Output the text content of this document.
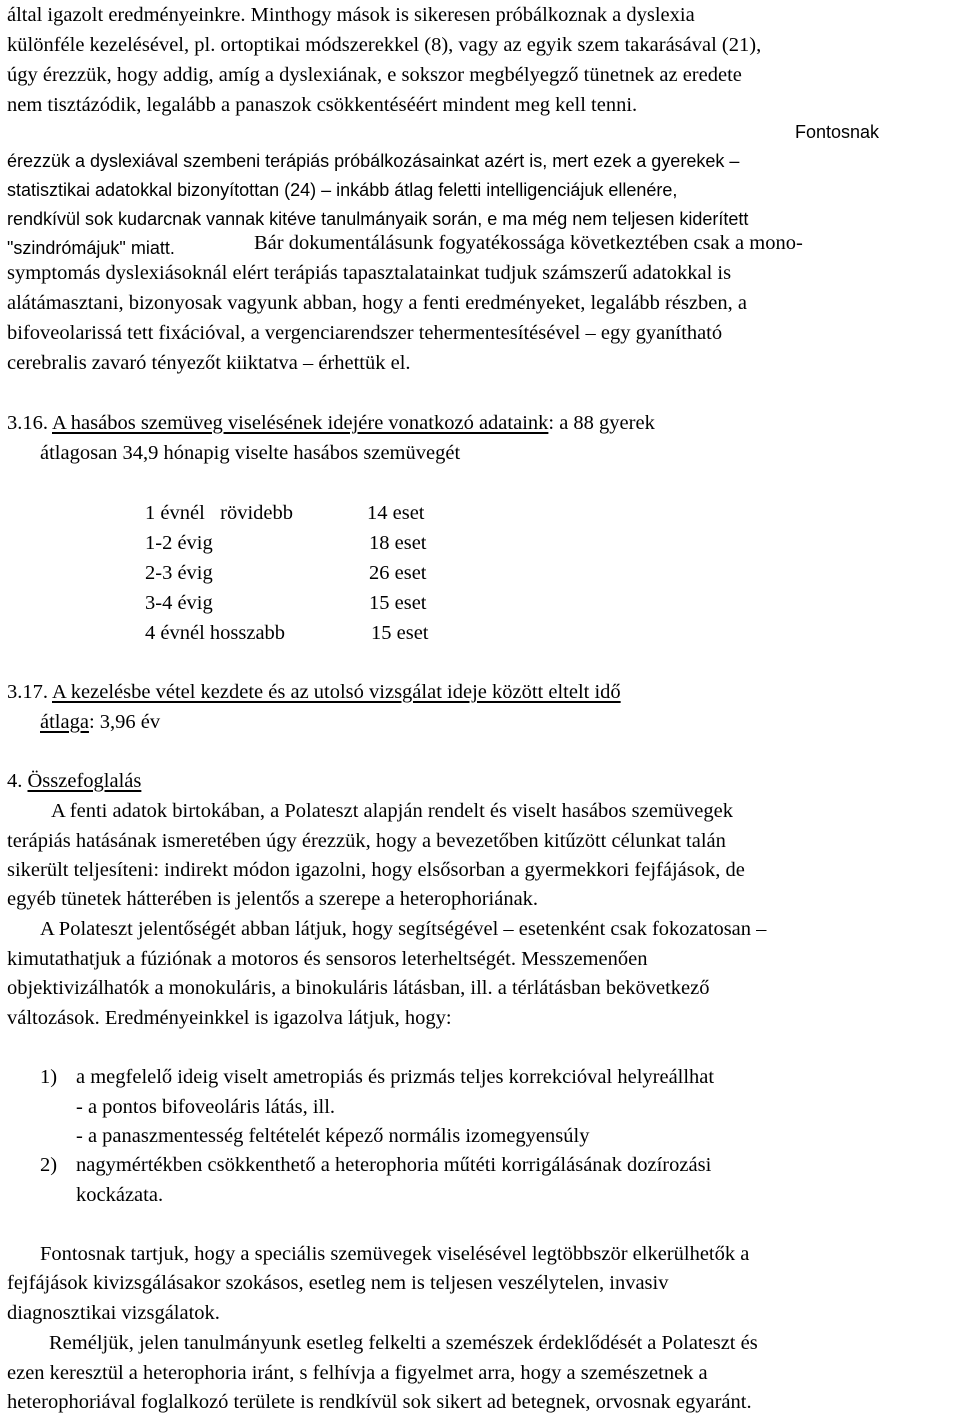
által igazolt eredményeinkre. Minthogy mások is sikeresen próbálkoznak a dyslexia
különféle kezelésével, pl. ortoptikai módszerekkel (8), vagy az egyik szem takarásával (21),
úgy érezzük, hogy addig, amíg a dyslexiának, e sokszor megbélyegző tünetnek az eredete
nem tisztázódik, legalább a panaszok csökkentéséért mindent meg kell tenni.
Fontosnak
érezzük a dyslexiával szembeni terápiás próbálkozásainkat azért is, mert ezek a gyerekek –
statisztikai adatokkal bizonyítottan (24) – inkább átlag feletti intelligenciájuk ellenére,
rendkívül sok kudarcnak vannak kitéve tanulmányaik során, e ma még nem teljesen kiderített
"szindrómájuk" miatt.	Bár dokumentálásunk fogyatékossága következtében csak a mono-
symptomás dyslexiásoknál elért terápiás tapasztalatainkat tudjuk számszerű adatokkal is
alátámasztani, bizonyosak vagyunk abban, hogy a fenti eredményeket, legalább részben, a
bifoveolarissá tett fixációval, a vergenciarendszer tehermentesítésével – egy gyanítható
cerebralis zavaró tényezőt kiiktatva – érhettük el.
3.16. A hasábos szemüveg viselésének idejére vonatkozó adataink: a 88 gyerek
átlagosan 34,9 hónapig viselte hasábos szemüvegét
1 évnél   rövidebb	14 eset
1-2 évig	18 eset
2-3 évig	26 eset
3-4 évig	15 eset
4 évnél hosszabb	15 eset
3.17. A kezelésbe vétel kezdete és az utolsó vizsgálat ideje között eltelt idő
átlaga: 3,96 év
4. Összefoglalás
A fenti adatok birtokában, a Polateszt alapján rendelt és viselt hasábos szemüvegek
terápiás hatásának ismeretében úgy érezzük, hogy a bevezetőben kitűzött célunkat talán
sikerült teljesíteni: indirekt módon igazolni, hogy elsősorban a gyermekkori fejfájások, de
egyéb tünetek hátterében is jelentős a szerepe a heterophoriának.
A Polateszt jelentőségét abban látjuk, hogy segítségével – esetenként csak fokozatosan –
kimutathatjuk a fúziónak a motoros és sensoros leterheltségét. Messzemenően
objektivizálhatók a monokuláris, a binokuláris látásban, ill. a térlátásban bekövetkező
változások. Eredményeinkkel is igazolva látjuk, hogy:
1) a megfelelő ideig viselt ametropiás és prizmás teljes korrekcióval helyreállhat
- a pontos bifoveoláris látás, ill.
- a panaszmentesség feltételét képező normális izomegyensúly
2) nagymértékben csökkenthető a heterophoria műtéti korrigálásának dozírozási
kockázata.
Fontosnak tartjuk, hogy a speciális szemüvegek viselésével legtöbbször elkerülhetők a
fejfájások kivizsgálásakor szokásos, esetleg nem is teljesen veszélytelen, invasiv
diagnosztikai vizsgálatok.
Reméljük, jelen tanulmányunk esetleg felkelti a szemészek érdeklődését a Polateszt és
ezen keresztül a heterophoria iránt, s felhívja a figyelmet arra, hogy a szemészetnek a
heterophoriával foglalkozó területe is rendkívül sok sikert ad betegnek, orvosnak egyaránt.
